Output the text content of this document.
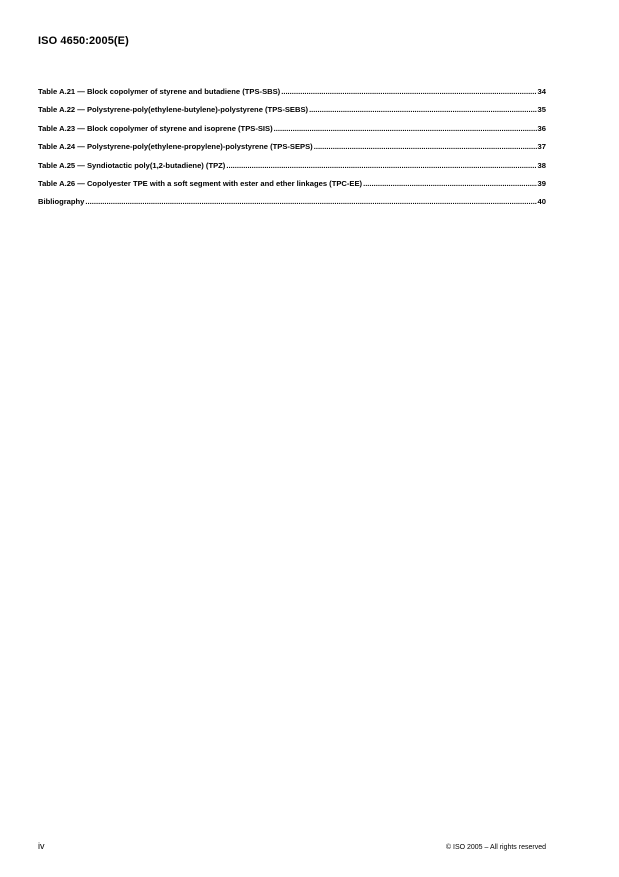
ISO 4650:2005(E)
Table A.21 — Block copolymer of styrene and butadiene (TPS-SBS) .....	34
Table A.22 — Polystyrene-poly(ethylene-butylene)-polystyrene (TPS-SEBS) .....	35
Table A.23 — Block copolymer of styrene and isoprene (TPS-SIS) .....	36
Table A.24 — Polystyrene-poly(ethylene-propylene)-polystyrene (TPS-SEPS) .....	37
Table A.25 — Syndiotactic poly(1,2-butadiene) (TPZ) .....	38
Table A.26 — Copolyester TPE with a soft segment with ester and ether linkages (TPC-EE) .....	39
Bibliography .....	40
iv	© ISO 2005 – All rights reserved
